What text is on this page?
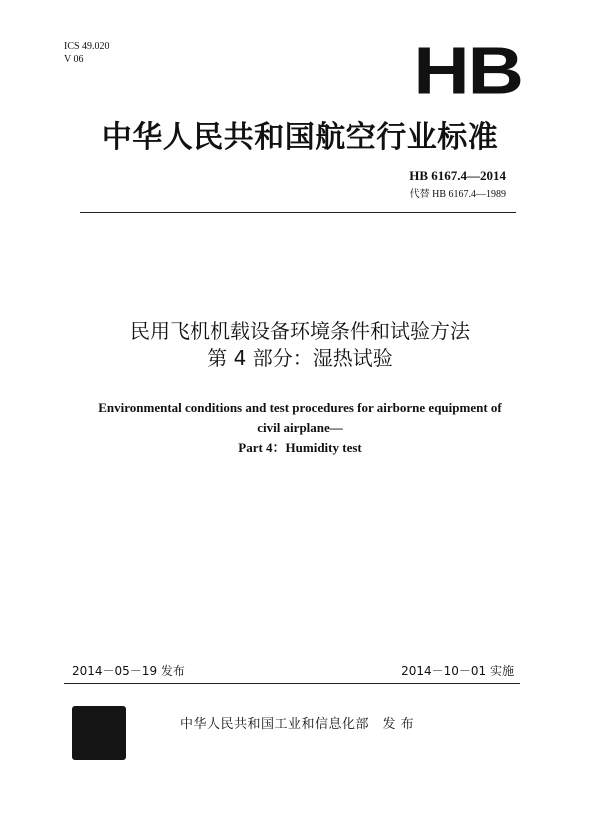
ICS 49.020
V 06	HB
中华人民共和国航空行业标准
HB 6167.4—2014
代替 HB 6167.4—1989
民用飞机机载设备环境条件和试验方法
第 4 部分：湿热试验
Environmental conditions and test procedures for airborne equipment of
civil airplane—
Part 4：Humidity test
2014－05－19 发布	2014－10－01 实施
中华人民共和国工业和信息化部　发 布
